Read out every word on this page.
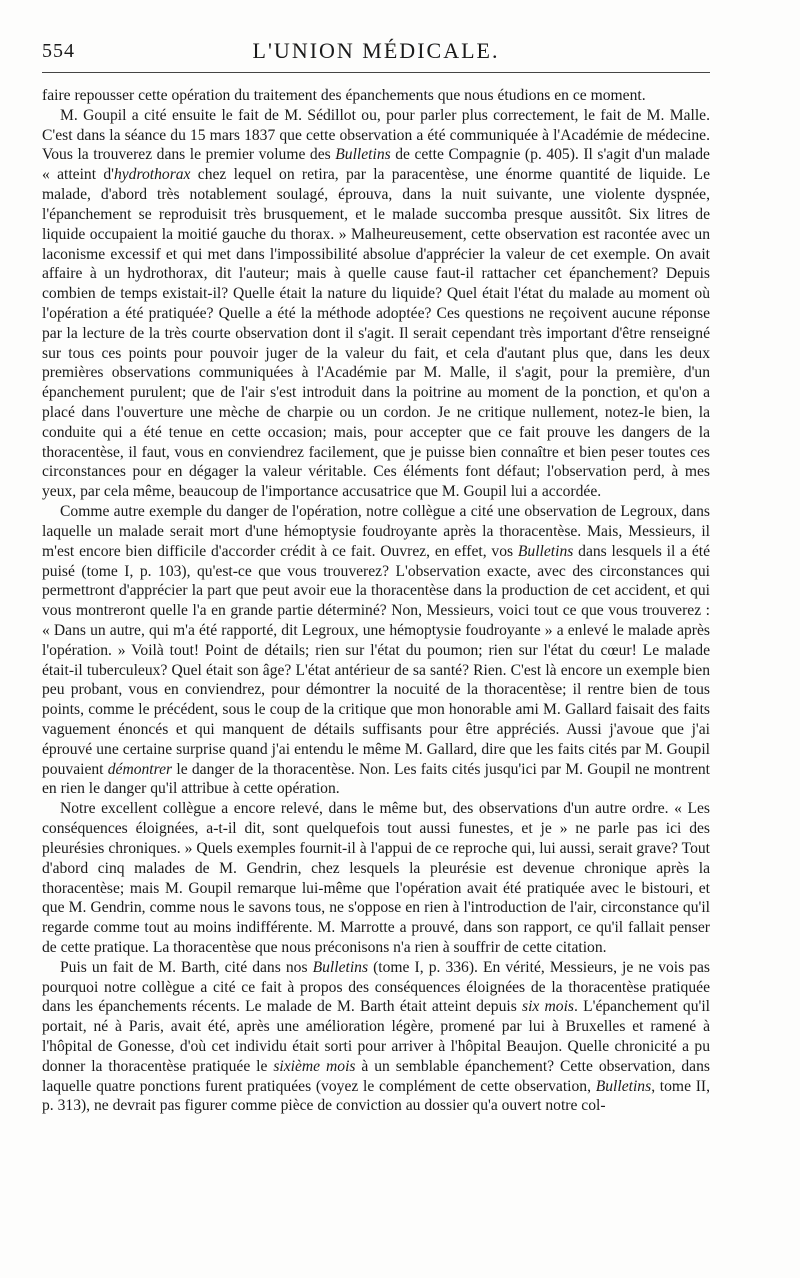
554	L'UNION MÉDICALE.

faire repousser cette opération du traitement des épanchements que nous étudions en ce moment.

M. Goupil a cité ensuite le fait de M. Sédillot ou, pour parler plus correctement, le fait de M. Malle. C'est dans la séance du 15 mars 1837 que cette observation a été communiquée à l'Académie de médecine. Vous la trouverez dans le premier volume des Bulletins de cette Compagnie (p. 405). Il s'agit d'un malade « atteint d'hydrothorax chez lequel on retira, par la paracentèse, une énorme quantité de liquide. Le malade, d'abord très notablement soulagé, éprouva, dans la nuit suivante, une violente dyspnée, l'épanchement se reproduisit très brusquement, et le malade succomba presque aussitôt. Six litres de liquide occupaient la moitié gauche du thorax. » Malheureusement, cette observation est racontée avec un laconisme excessif et qui met dans l'impossibilité absolue d'apprécier la valeur de cet exemple. On avait affaire à un hydrothorax, dit l'auteur; mais à quelle cause faut-il rattacher cet épanchement? Depuis combien de temps existait-il? Quelle était la nature du liquide? Quel était l'état du malade au moment où l'opération a été pratiquée? Quelle a été la méthode adoptée? Ces questions ne reçoivent aucune réponse par la lecture de la très courte observation dont il s'agit. Il serait cependant très important d'être renseigné sur tous ces points pour pouvoir juger de la valeur du fait, et cela d'autant plus que, dans les deux premières observations communiquées à l'Académie par M. Malle, il s'agit, pour la première, d'un épanchement purulent; que de l'air s'est introduit dans la poitrine au moment de la ponction, et qu'on a placé dans l'ouverture une mèche de charpie ou un cordon. Je ne critique nullement, notez-le bien, la conduite qui a été tenue en cette occasion; mais, pour accepter que ce fait prouve les dangers de la thoracentèse, il faut, vous en conviendrez facilement, que je puisse bien connaître et bien peser toutes ces circonstances pour en dégager la valeur véritable. Ces éléments font défaut; l'observation perd, à mes yeux, par cela même, beaucoup de l'importance accusatrice que M. Goupil lui a accordée.

Comme autre exemple du danger de l'opération, notre collègue a cité une observation de Legroux, dans laquelle un malade serait mort d'une hémoptysie foudroyante après la thoracentèse. Mais, Messieurs, il m'est encore bien difficile d'accorder crédit à ce fait. Ouvrez, en effet, vos Bulletins dans lesquels il a été puisé (tome I, p. 103), qu'est-ce que vous trouverez? L'observation exacte, avec des circonstances qui permettront d'apprécier la part que peut avoir eue la thoracentèse dans la production de cet accident, et qui vous montreront quelle l'a en grande partie déterminé? Non, Messieurs, voici tout ce que vous trouverez : « Dans un autre, qui m'a été rapporté, dit Legroux, une hémoptysie foudroyante » a enlevé le malade après l'opération. » Voilà tout! Point de détails; rien sur l'état du poumon; rien sur l'état du cœur! Le malade était-il tuberculeux? Quel était son âge? L'état antérieur de sa santé? Rien. C'est là encore un exemple bien peu probant, vous en conviendrez, pour démontrer la nocuité de la thoracentèse; il rentre bien de tous points, comme le précédent, sous le coup de la critique que mon honorable ami M. Gallard faisait des faits vaguement énoncés et qui manquent de détails suffisants pour être appréciés. Aussi j'avoue que j'ai éprouvé une certaine surprise quand j'ai entendu le même M. Gallard, dire que les faits cités par M. Goupil pouvaient démontrer le danger de la thoracentèse. Non. Les faits cités jusqu'ici par M. Goupil ne montrent en rien le danger qu'il attribue à cette opération.

Notre excellent collègue a encore relevé, dans le même but, des observations d'un autre ordre. « Les conséquences éloignées, a-t-il dit, sont quelquefois tout aussi funestes, et je » ne parle pas ici des pleurésies chroniques. » Quels exemples fournit-il à l'appui de ce reproche qui, lui aussi, serait grave? Tout d'abord cinq malades de M. Gendrin, chez lesquels la pleurésie est devenue chronique après la thoracentèse; mais M. Goupil remarque lui-même que l'opération avait été pratiquée avec le bistouri, et que M. Gendrin, comme nous le savons tous, ne s'oppose en rien à l'introduction de l'air, circonstance qu'il regarde comme tout au moins indifférente. M. Marrotte a prouvé, dans son rapport, ce qu'il fallait penser de cette pratique. La thoracentèse que nous préconisons n'a rien à souffrir de cette citation.

Puis un fait de M. Barth, cité dans nos Bulletins (tome I, p. 336). En vérité, Messieurs, je ne vois pas pourquoi notre collègue a cité ce fait à propos des conséquences éloignées de la thoracentèse pratiquée dans les épanchements récents. Le malade de M. Barth était atteint depuis six mois. L'épanchement qu'il portait, né à Paris, avait été, après une amélioration légère, promené par lui à Bruxelles et ramené à l'hôpital de Gonesse, d'où cet individu était sorti pour arriver à l'hôpital Beaujon. Quelle chronicité a pu donner la thoracentèse pratiquée le sixième mois à un semblable épanchement? Cette observation, dans laquelle quatre ponctions furent pratiquées (voyez le complément de cette observation, Bulletins, tome II, p. 313), ne devrait pas figurer comme pièce de conviction au dossier qu'a ouvert notre col-
